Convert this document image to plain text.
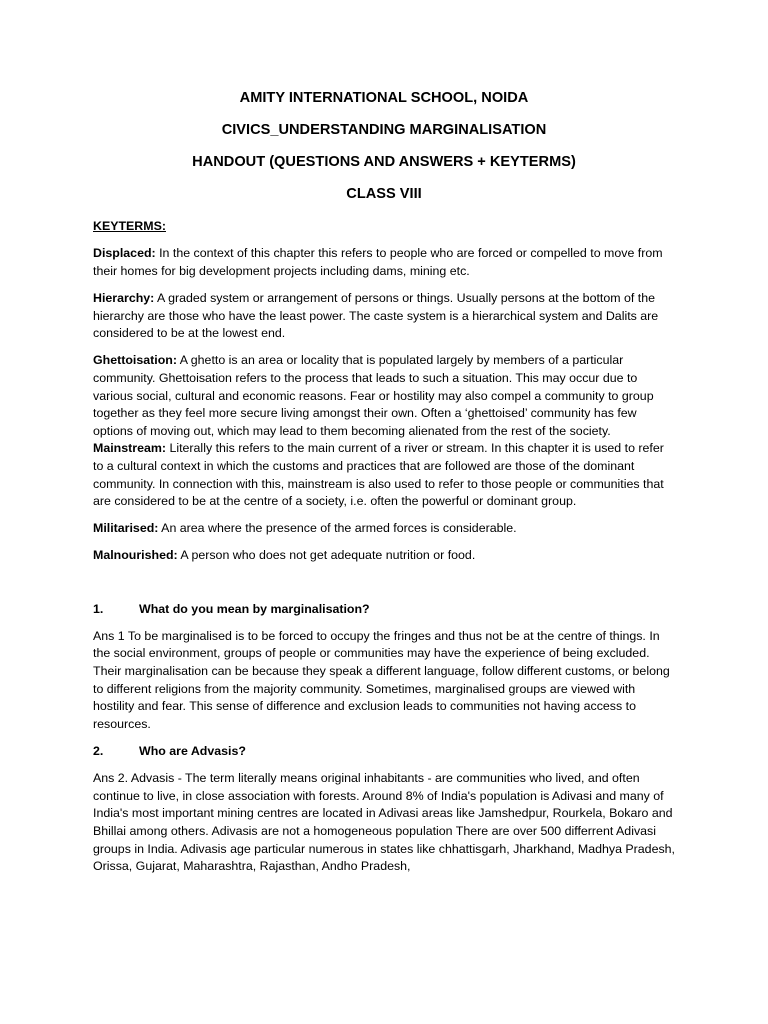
AMITY INTERNATIONAL SCHOOL, NOIDA
CIVICS_UNDERSTANDING MARGINALISATION
HANDOUT (QUESTIONS AND ANSWERS + KEYTERMS)
CLASS VIII
KEYTERMS:
Displaced: In the context of this chapter this refers to people who are forced or compelled to move from their homes for big development projects including dams, mining etc.
Hierarchy: A graded system or arrangement of persons or things. Usually persons at the bottom of the hierarchy are those who have the least power. The caste system is a hierarchical system and Dalits are considered to be at the lowest end.
Ghettoisation: A ghetto is an area or locality that is populated largely by members of a particular community. Ghettoisation refers to the process that leads to such a situation. This may occur due to various social, cultural and economic reasons. Fear or hostility may also compel a community to group together as they feel more secure living amongst their own. Often a ‘ghettoised’ community has few options of moving out, which may lead to them becoming alienated from the rest of the society.
Mainstream: Literally this refers to the main current of a river or stream. In this chapter it is used to refer to a cultural context in which the customs and practices that are followed are those of the dominant community. In connection with this, mainstream is also used to refer to those people or communities that are considered to be at the centre of a society, i.e. often the powerful or dominant group.
Militarised: An area where the presence of the armed forces is considerable.
Malnourished: A person who does not get adequate nutrition or food.
1.	What do you mean by marginalisation?
Ans 1 To be marginalised is to be forced to occupy the fringes and thus not be at the centre of things. In the social environment, groups of people or communities may have the experience of being excluded. Their marginalisation can be because they speak a different language, follow different customs, or belong to different religions from the majority community. Sometimes, marginalised groups are viewed with hostility and fear. This sense of difference and exclusion leads to communities not having access to resources.
2.	Who are Advasis?
Ans 2. Advasis - The term literally means original inhabitants - are communities who lived, and often continue to live, in close association with forests. Around 8% of India's population is Adivasi and many of India's most important mining centres are located in Adivasi areas like Jamshedpur, Rourkela, Bokaro and Bhillai among others. Adivasis are not a homogeneous population There are over 500 differrent Adivasi groups in India. Adivasis age particular numerous in states like chhattisgarh, Jharkhand, Madhya Pradesh, Orissa, Gujarat, Maharashtra, Rajasthan, Andho Pradesh,
